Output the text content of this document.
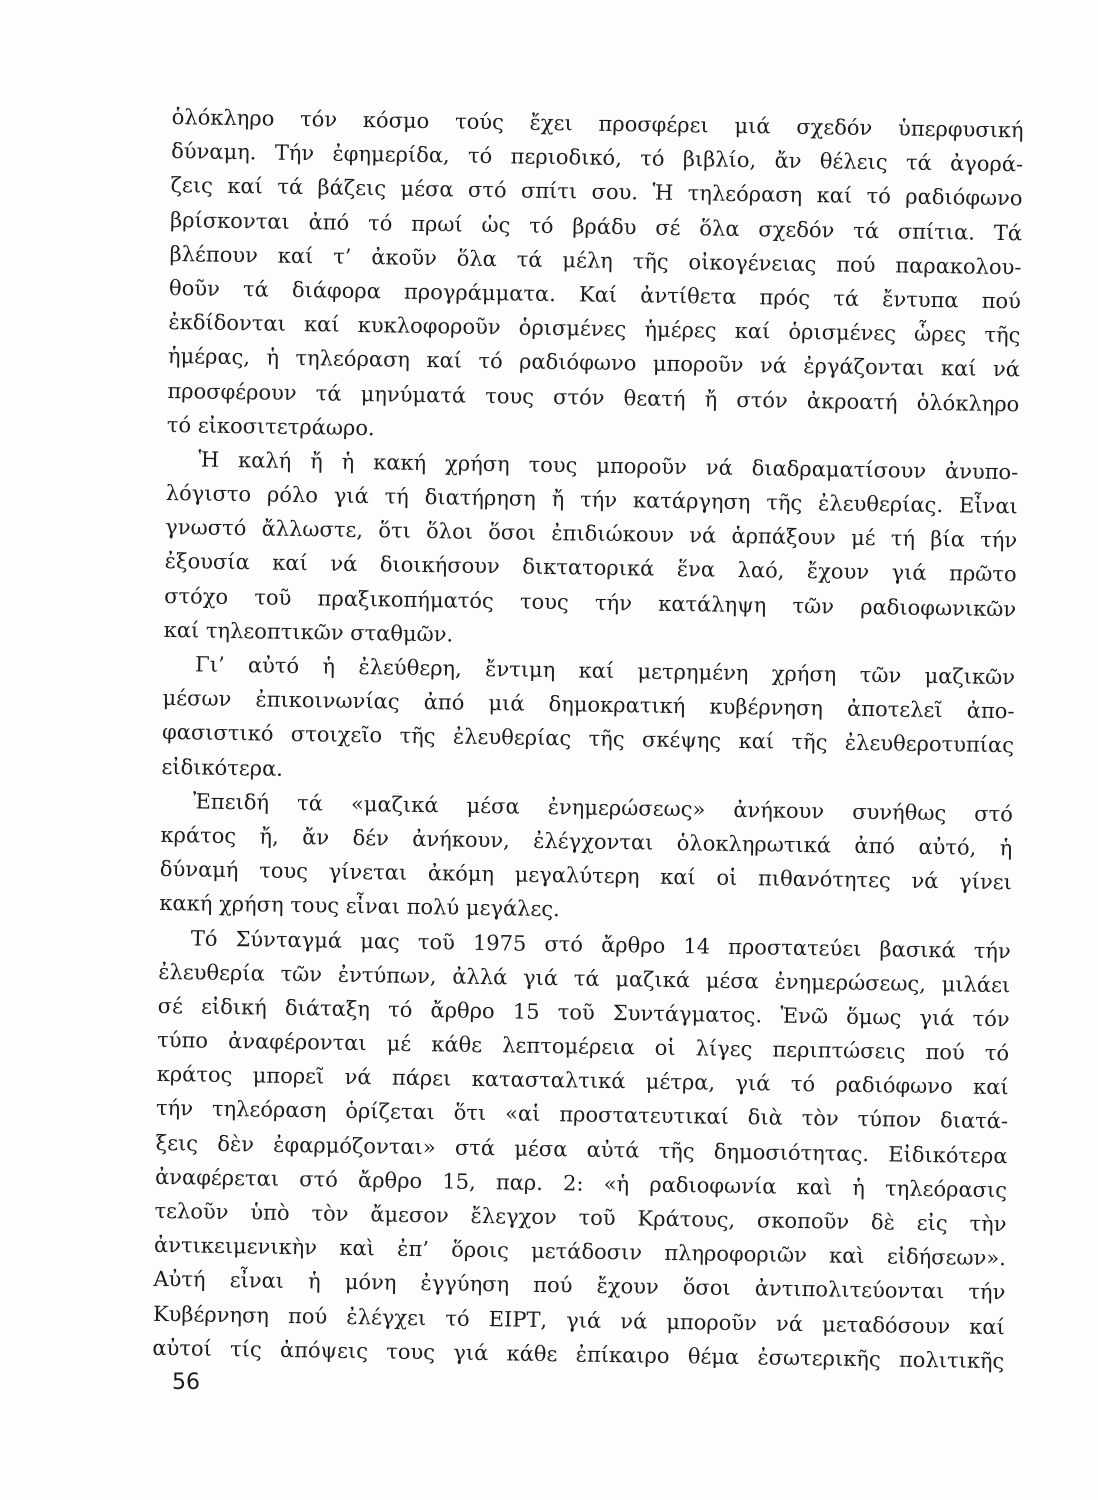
ὁλόκληρο τόν κόσμο τούς ἔχει προσφέρει μιά σχεδόν ὑπερφυσική
δύναμη. Τήν ἐφημερίδα, τό περιοδικό, τό βιβλίο, ἄν θέλεις τά ἀγορά-
ζεις καί τά βάζεις μέσα στό σπίτι σου. Ἡ τηλεόραση καί τό ραδιόφωνο
βρίσκονται ἀπό τό πρωί ὡς τό βράδυ σέ ὅλα σχεδόν τά σπίτια. Τά
βλέπουν καί τ’ ἀκοῦν ὅλα τά μέλη τῆς οἰκογένειας πού παρακολου-
θοῦν τά διάφορα προγράμματα. Καί ἀντίθετα πρός τά ἔντυπα πού
ἐκδίδονται καί κυκλοφοροῦν ὁρισμένες ἡμέρες καί ὁρισμένες ὧρες τῆς
ἡμέρας, ἡ τηλεόραση καί τό ραδιόφωνο μποροῦν νά ἐργάζονται καί νά
προσφέρουν τά μηνύματά τους στόν θεατή ἤ στόν ἀκροατή ὁλόκληρο
τό εἰκοσιτετράωρο.
Ἡ καλή ἤ ἡ κακή χρήση τους μποροῦν νά διαδραματίσουν ἀνυπο-
λόγιστο ρόλο γιά τή διατήρηση ἤ τήν κατάργηση τῆς ἐλευθερίας. Εἶναι
γνωστό ἄλλωστε, ὅτι ὅλοι ὅσοι ἐπιδιώκουν νά ἁρπάξουν μέ τή βία τήν
ἐξουσία καί νά διοικήσουν δικτατορικά ἕνα λαό, ἔχουν γιά πρῶτο
στόχο τοῦ πραξικοπήματός τους τήν κατάληψη τῶν ραδιοφωνικῶν
καί τηλεοπτικῶν σταθμῶν.
Γι’ αὐτό ἡ ἐλεύθερη, ἔντιμη καί μετρημένη χρήση τῶν μαζικῶν
μέσων ἐπικοινωνίας ἀπό μιά δημοκρατική κυβέρνηση ἀποτελεῖ ἀπο-
φασιστικό στοιχεῖο τῆς ἐλευθερίας τῆς σκέψης καί τῆς ἐλευθεροτυπίας
εἰδικότερα.
Ἐπειδή τά «μαζικά μέσα ἐνημερώσεως» ἀνήκουν συνήθως στό
κράτος ἤ, ἄν δέν ἀνήκουν, ἐλέγχονται ὁλοκληρωτικά ἀπό αὐτό, ἡ
δύναμή τους γίνεται ἀκόμη μεγαλύτερη καί οἱ πιθανότητες νά γίνει
κακή χρήση τους εἶναι πολύ μεγάλες.
Τό Σύνταγμά μας τοῦ 1975 στό ἄρθρο 14 προστατεύει βασικά τήν
ἐλευθερία τῶν ἐντύπων, ἀλλά γιά τά μαζικά μέσα ἐνημερώσεως, μιλάει
σέ εἰδική διάταξη τό ἄρθρο 15 τοῦ Συντάγματος. Ἐνῶ ὅμως γιά τόν
τύπο ἀναφέρονται μέ κάθε λεπτομέρεια οἱ λίγες περιπτώσεις πού τό
κράτος μπορεῖ νά πάρει κατασταλτικά μέτρα, γιά τό ραδιόφωνο καί
τήν τηλεόραση ὁρίζεται ὅτι «αἱ προστατευτικαί διὰ τὸν τύπον διατά-
ξεις δὲν ἐφαρμόζονται» στά μέσα αὐτά τῆς δημοσιότητας. Εἰδικότερα
ἀναφέρεται στό ἄρθρο 15, παρ. 2: «ἡ ραδιοφωνία καὶ ἡ τηλεόρασις
τελοῦν ὑπὸ τὸν ἄμεσον ἔλεγχον τοῦ Κράτους, σκοποῦν δὲ εἰς τὴν
ἀντικειμενικὴν καὶ ἐπ’ ὅροις μετάδοσιν πληροφοριῶν καὶ εἰδήσεων».
Αὐτή εἶναι ἡ μόνη ἐγγύηση πού ἔχουν ὅσοι ἀντιπολιτεύονται τήν
Κυβέρνηση πού ἐλέγχει τό ΕΙΡΤ, γιά νά μποροῦν νά μεταδόσουν καί
αὐτοί τίς ἀπόψεις τους γιά κάθε ἐπίκαιρο θέμα ἐσωτερικῆς πολιτικῆς
56
